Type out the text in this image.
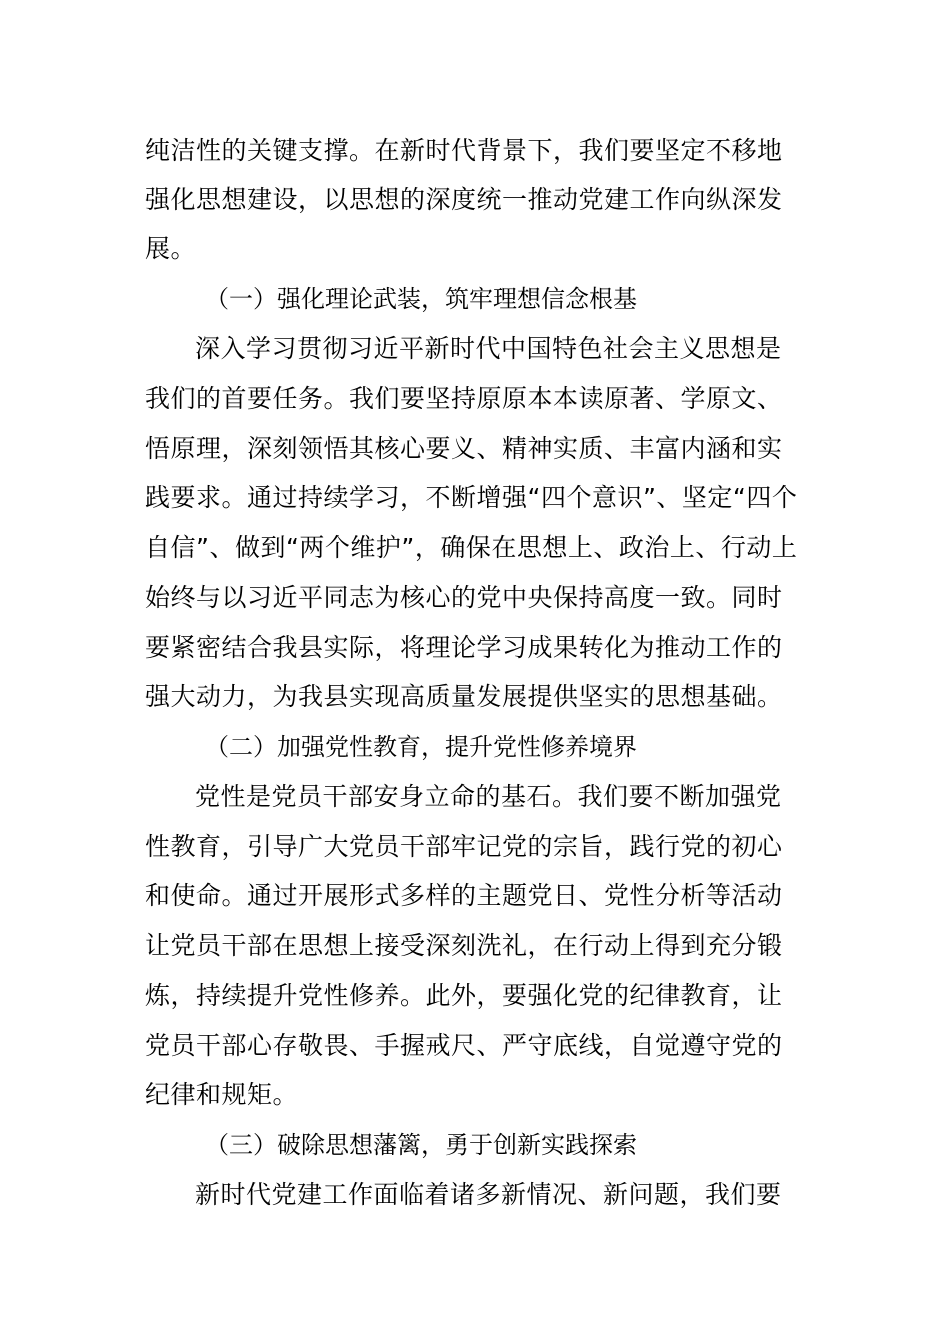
纯洁性的关键支撑。在新时代背景下，我们要坚定不移地
强化思想建设，以思想的深度统一推动党建工作向纵深发
展。
（一）强化理论武装，筑牢理想信念根基
深入学习贯彻习近平新时代中国特色社会主义思想是
我们的首要任务。我们要坚持原原本本读原著、学原文、
悟原理，深刻领悟其核心要义、精神实质、丰富内涵和实
践要求。通过持续学习，不断增强“四个意识”、坚定“四个
自信”、做到“两个维护”，确保在思想上、政治上、行动上
始终与以习近平同志为核心的党中央保持高度一致。同时
要紧密结合我县实际，将理论学习成果转化为推动工作的
强大动力，为我县实现高质量发展提供坚实的思想基础。
（二）加强党性教育，提升党性修养境界
党性是党员干部安身立命的基石。我们要不断加强党
性教育，引导广大党员干部牢记党的宗旨，践行党的初心
和使命。通过开展形式多样的主题党日、党性分析等活动
让党员干部在思想上接受深刻洗礼，在行动上得到充分锻
炼，持续提升党性修养。此外，要强化党的纪律教育，让
党员干部心存敬畏、手握戒尺、严守底线，自觉遵守党的
纪律和规矩。
（三）破除思想藩篱，勇于创新实践探索
新时代党建工作面临着诸多新情况、新问题，我们要
